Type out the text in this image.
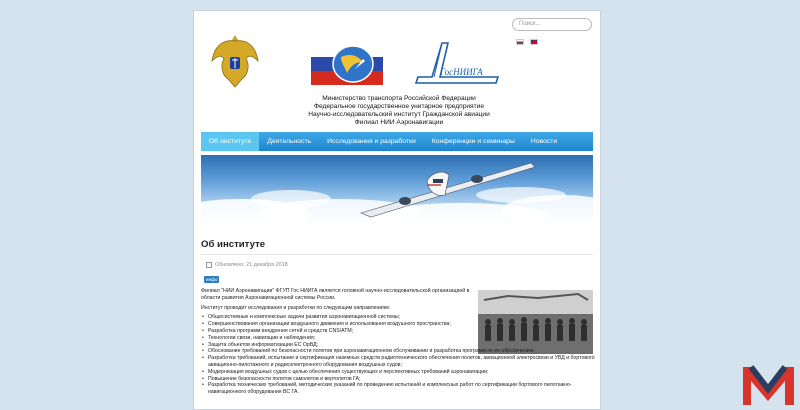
Поиск...
ГосНИИГА
Министерство транспорта Российской Федерации
Федеральное государственное унитарное предприятие
Научно-исследовательский институт Гражданской авиации
Филиал НИИ Аэронавигации
Об институте	Деятельность	Исследования и разработки	Конференции и семинары	Новости
Об институте
Обновлено: 21 декабря 2018
инфо

Филиал "НИИ Аэронавигации" ФГУП Гос НИИГА является головной научно-исследовательской организацией в области развития Аэронавигационной системы России.

Институт проводит исследования и разработки по следующим направлениям:

• Общесистемные и комплексные задачи развития аэронавигационной системы;
• Совершенствования организации воздушного движения и использования воздушного пространства;
• Разработка программ внедрения сетей и средств CNS/ATM;
• Технологии связи, навигации и наблюдения;
• Защита объектов информатизации ЕС ОрВД;
• Обоснование требований по безопасности полетов при аэронавигационном обслуживании и разработка программ по их обеспечению;
• Разработка требований, испытание и сертификация наземных средств радиотехнического обеспечения полетов, авиационной электросвязи и УВД и бортового авиационно-пилотажного и радиоэлектронного оборудования воздушных судов;
• Модернизация воздушных судов с целью обеспечения существующих и перспективных требований аэронавигации;
• Повышение безопасности полетов самолетов и вертолетов ГА;
• Разработка технических требований, методических указаний по проведению испытаний и комплексных работ по сертификации бортового пилотажно-навигационного оборудования ВС ГА.
